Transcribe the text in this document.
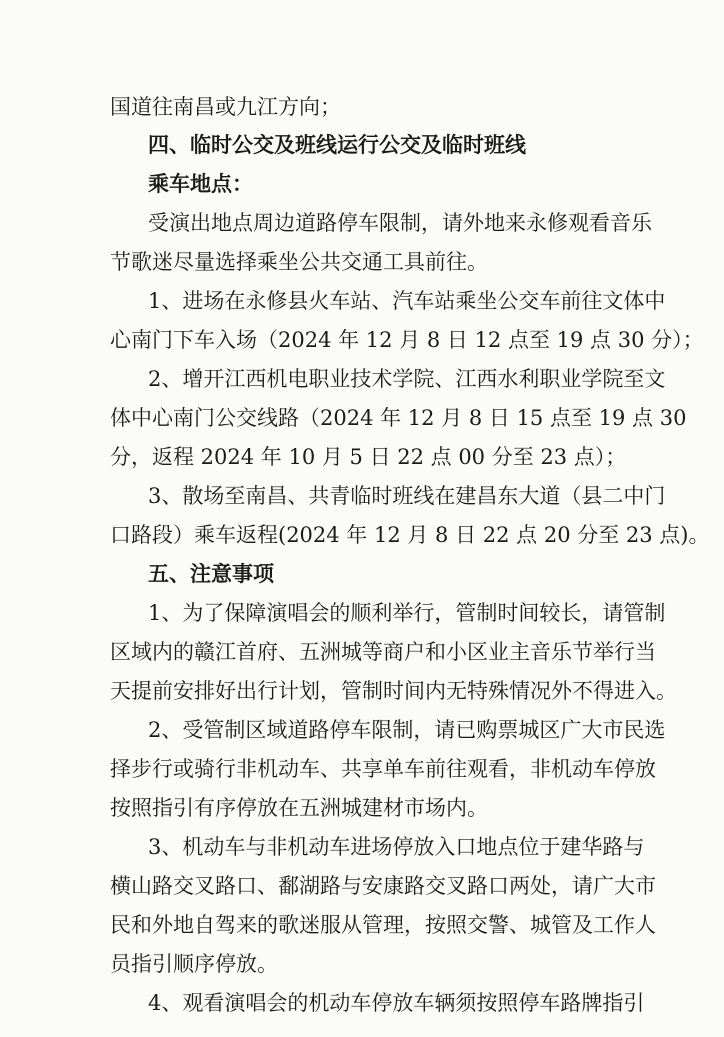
国道往南昌或九江方向；
四、临时公交及班线运行公交及临时班线
乘车地点：
受演出地点周边道路停车限制，请外地来永修观看音乐
节歌迷尽量选择乘坐公共交通工具前往。
1、进场在永修县火车站、汽车站乘坐公交车前往文体中
心南门下车入场（2024 年 12 月 8 日 12 点至 19 点 30 分）；
2、增开江西机电职业技术学院、江西水利职业学院至文
体中心南门公交线路（2024 年 12 月 8 日 15 点至 19 点 30
分，返程 2024 年 10 月 5 日 22 点 00 分至 23 点）；
3、散场至南昌、共青临时班线在建昌东大道（县二中门
口路段）乘车返程(2024 年 12 月 8 日 22 点 20 分至 23 点)。
五、注意事项
1、为了保障演唱会的顺利举行，管制时间较长，请管制
区域内的赣江首府、五洲城等商户和小区业主音乐节举行当
天提前安排好出行计划，管制时间内无特殊情况外不得进入。
2、受管制区域道路停车限制，请已购票城区广大市民选
择步行或骑行非机动车、共享单车前往观看，非机动车停放
按照指引有序停放在五洲城建材市场内。
3、机动车与非机动车进场停放入口地点位于建华路与
横山路交叉路口、鄱湖路与安康路交叉路口两处，请广大市
民和外地自驾来的歌迷服从管理，按照交警、城管及工作人
员指引顺序停放。
4、观看演唱会的机动车停放车辆须按照停车路牌指引
